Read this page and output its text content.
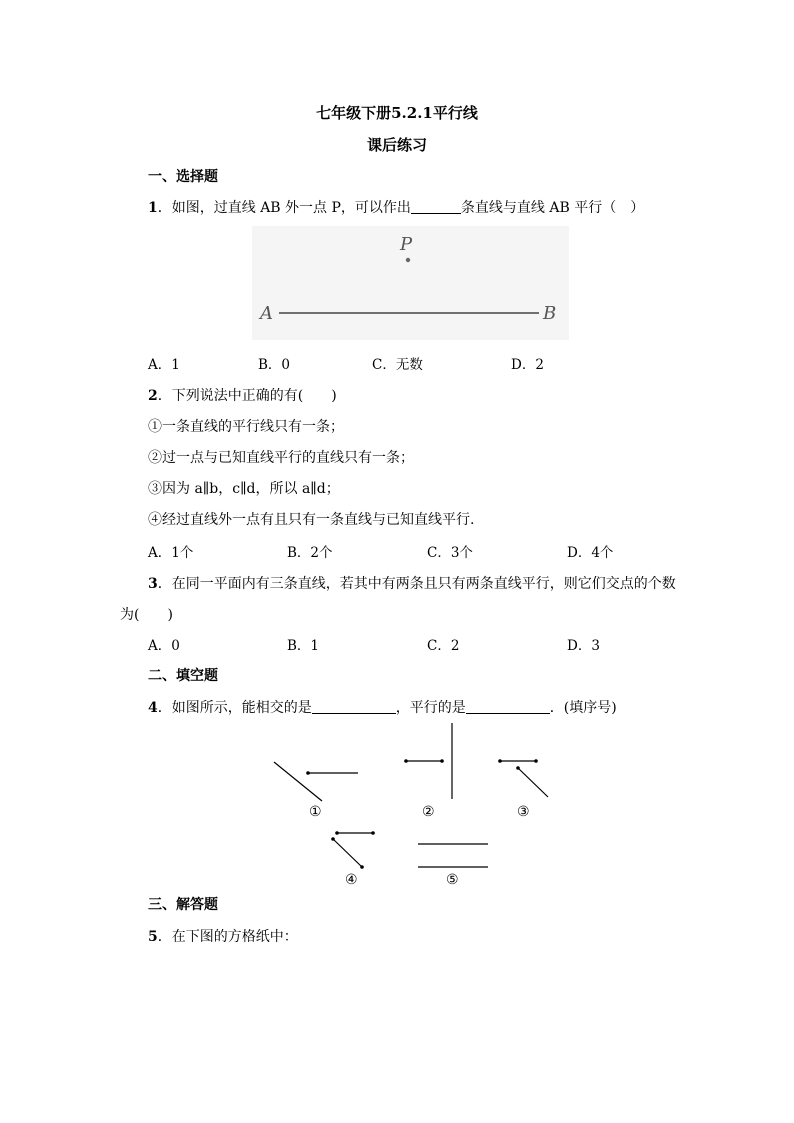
七年级下册5.2.1平行线
课后练习
一、选择题
1．如图，过直线 AB 外一点 P，可以作出	条直线与直线 AB 平行（　）
P
A	B
A．1	B．0	C．无数	D．2
2．下列说法中正确的有(　　)
①一条直线的平行线只有一条；
②过一点与已知直线平行的直线只有一条；
③因为 a∥b，c∥d，所以 a∥d；
④经过直线外一点有且只有一条直线与已知直线平行.
A．1个	B．2个	C．3个	D．4个
3．在同一平面内有三条直线，若其中有两条且只有两条直线平行，则它们交点的个数
为(　　)
A．0	B．1	C．2	D．3
二、填空题
4．如图所示，能相交的是	，平行的是	．(填序号)
①	②	③
④	⑤
三、解答题
5．在下图的方格纸中：
